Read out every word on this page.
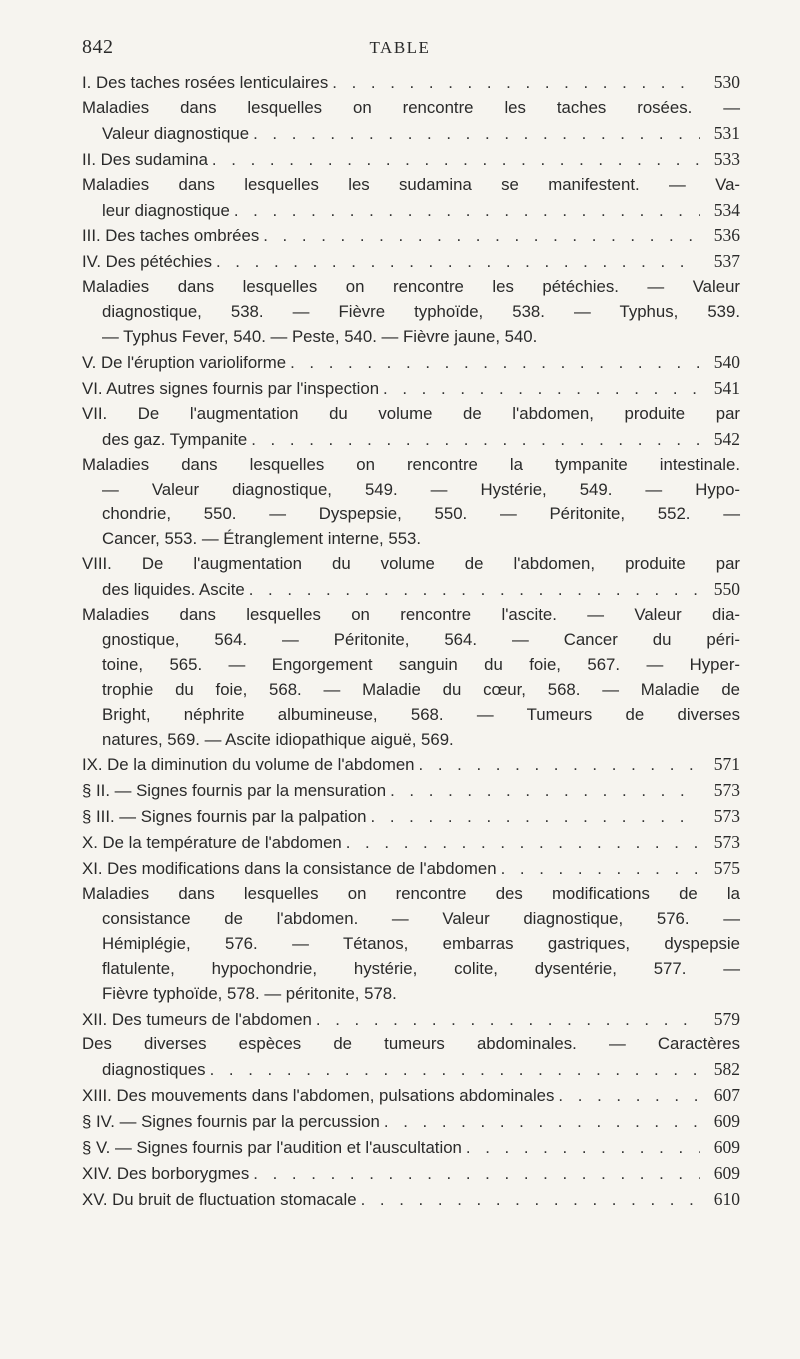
842	TABLE
I. Des taches rosées lenticulaires . . .	530
Maladies dans lesquelles on rencontre les taches rosées. —
Valeur diagnostique . . .	531
II. Des sudamina . . .	533
Maladies dans lesquelles les sudamina se manifestent. — Va-
leur diagnostique . . .	534
III. Des taches ombrées . . .	536
IV. Des pétéchies . . .	537
Maladies dans lesquelles on rencontre les pétéchies. — Valeur
diagnostique, 538. — Fièvre typhoïde, 538. — Typhus, 539.
— Typhus Fever, 540. — Peste, 540. — Fièvre jaune, 540.
V. De l'éruption varioliforme . . .	540
VI. Autres signes fournis par l'inspection . . .	541
VII. De l'augmentation du volume de l'abdomen, produite par
des gaz. Tympanite . . .	542
Maladies dans lesquelles on rencontre la tympanite intestinale.
— Valeur diagnostique, 549. — Hystérie, 549. — Hypo-
chondrie, 550. — Dyspepsie, 550. — Péritonite, 552. —
Cancer, 553. — Étranglement interne, 553.
VIII. De l'augmentation du volume de l'abdomen, produite par
des liquides. Ascite . . .	550
Maladies dans lesquelles on rencontre l'ascite. — Valeur dia-
gnostique, 564. — Péritonite, 564. — Cancer du péri-
toine, 565. — Engorgement sanguin du foie, 567. — Hyper-
trophie du foie, 568. — Maladie du cœur, 568. — Maladie de
Bright, néphrite albumineuse, 568. — Tumeurs de diverses
natures, 569. — Ascite idiopathique aiguë, 569.
IX. De la diminution du volume de l'abdomen . . .	571
§ II. — Signes fournis par la mensuration . . .	573
§ III. — Signes fournis par la palpation . . .	573
X. De la température de l'abdomen . . .	573
XI. Des modifications dans la consistance de l'abdomen . . .	575
Maladies dans lesquelles on rencontre des modifications de la
consistance de l'abdomen. — Valeur diagnostique, 576. —
Hémiplégie, 576. — Tétanos, embarras gastriques, dyspepsie
flatulente, hypochondrie, hystérie, colite, dysentérie, 577. —
Fièvre typhoïde, 578. — péritonite, 578.
XII. Des tumeurs de l'abdomen . . .	579
Des diverses espèces de tumeurs abdominales. — Caractères
diagnostiques . . .	582
XIII. Des mouvements dans l'abdomen, pulsations abdominales . . .	607
§ IV. — Signes fournis par la percussion . . .	609
§ V. — Signes fournis par l'audition et l'auscultation . . .	609
XIV. Des borborygmes . . .	609
XV. Du bruit de fluctuation stomacale . . .	610
